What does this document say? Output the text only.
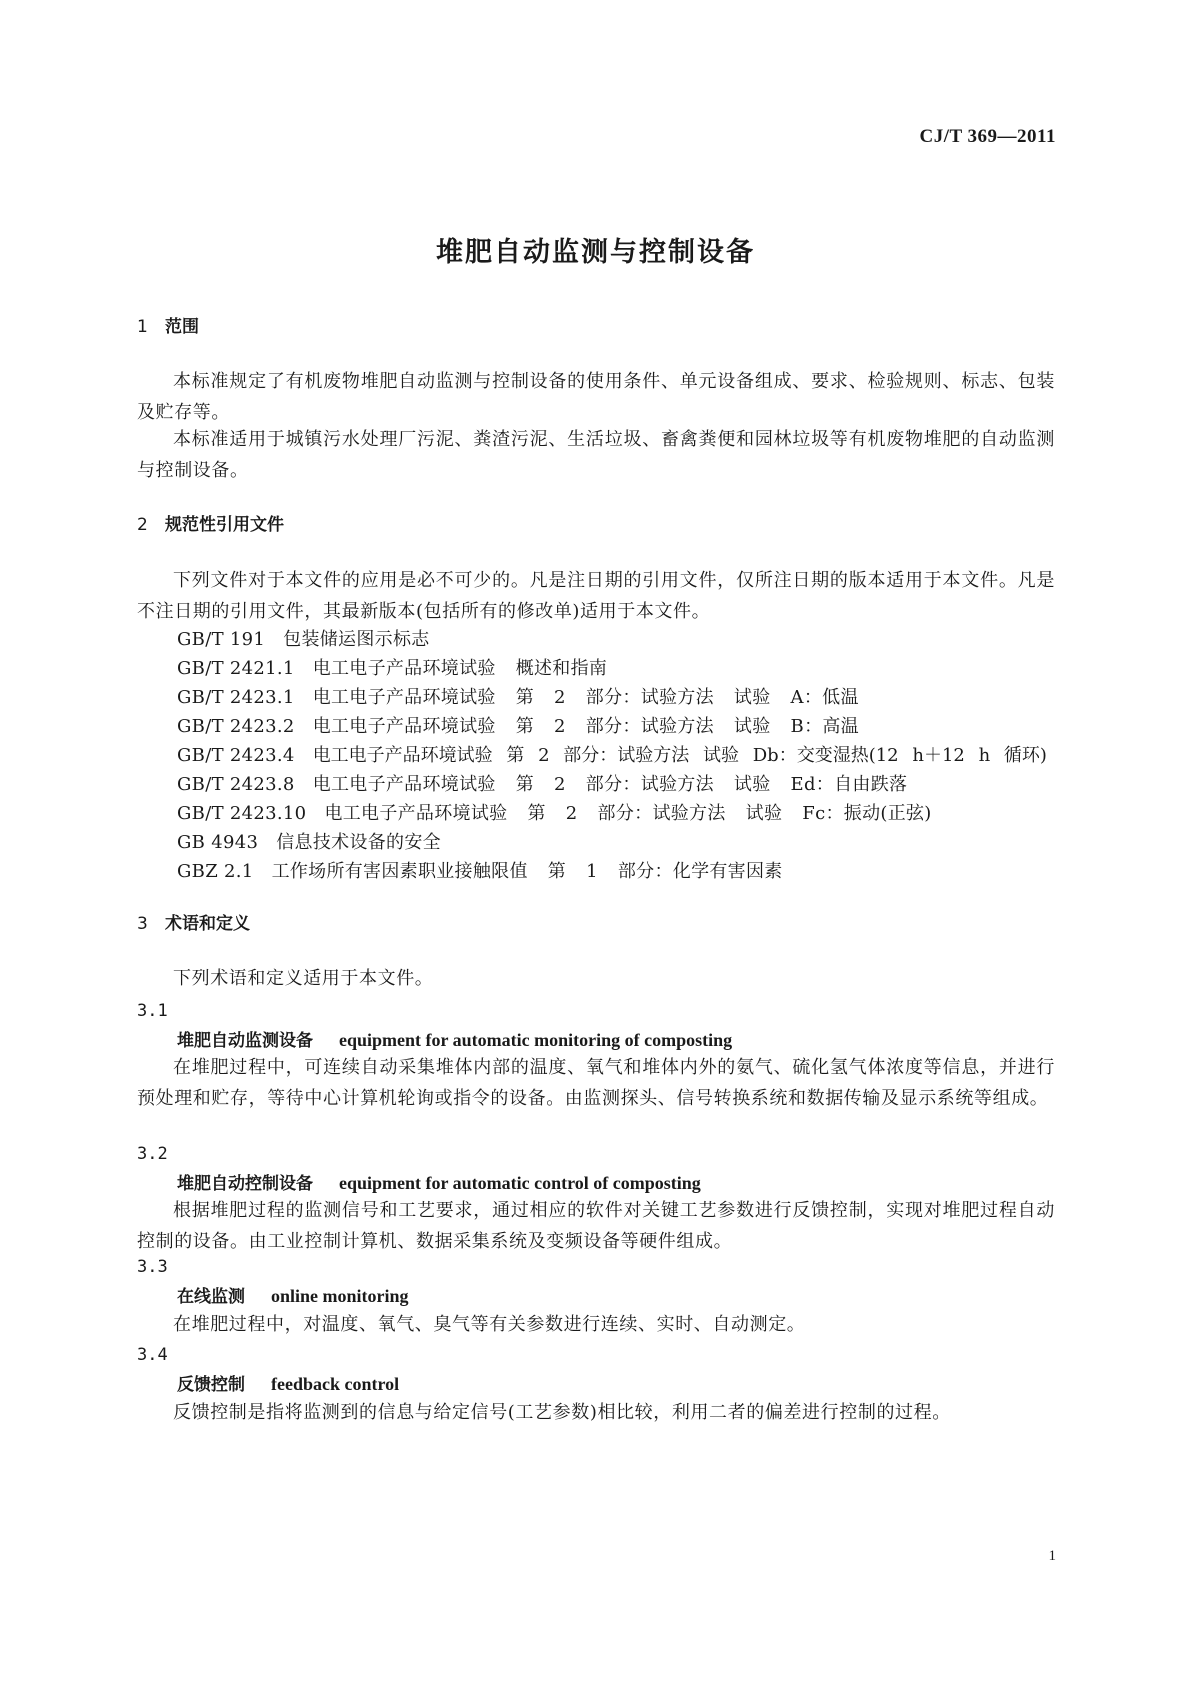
CJ/T 369—2011
堆肥自动监测与控制设备
1 范围
本标准规定了有机废物堆肥自动监测与控制设备的使用条件、单元设备组成、要求、检验规则、标志、包装及贮存等。
本标准适用于城镇污水处理厂污泥、粪渣污泥、生活垃圾、畜禽粪便和园林垃圾等有机废物堆肥的自动监测与控制设备。
2 规范性引用文件
下列文件对于本文件的应用是必不可少的。凡是注日期的引用文件，仅所注日期的版本适用于本文件。凡是不注日期的引用文件，其最新版本(包括所有的修改单)适用于本文件。
GB/T 191 包装储运图示标志
GB/T 2421.1 电工电子产品环境试验 概述和指南
GB/T 2423.1 电工电子产品环境试验 第 2 部分：试验方法 试验 A：低温
GB/T 2423.2 电工电子产品环境试验 第 2 部分：试验方法 试验 B：高温
GB/T 2423.4 电工电子产品环境试验 第 2 部分：试验方法 试验 Db：交变湿热(12 h＋12 h 循环)
GB/T 2423.8 电工电子产品环境试验 第 2 部分：试验方法 试验 Ed：自由跌落
GB/T 2423.10 电工电子产品环境试验 第 2 部分：试验方法 试验 Fc：振动(正弦)
GB 4943 信息技术设备的安全
GBZ 2.1 工作场所有害因素职业接触限值 第 1 部分：化学有害因素
3 术语和定义
下列术语和定义适用于本文件。
3.1
堆肥自动监测设备 equipment for automatic monitoring of composting
在堆肥过程中，可连续自动采集堆体内部的温度、氧气和堆体内外的氨气、硫化氢气体浓度等信息，并进行预处理和贮存，等待中心计算机轮询或指令的设备。由监测探头、信号转换系统和数据传输及显示系统等组成。
3.2
堆肥自动控制设备 equipment for automatic control of composting
根据堆肥过程的监测信号和工艺要求，通过相应的软件对关键工艺参数进行反馈控制，实现对堆肥过程自动控制的设备。由工业控制计算机、数据采集系统及变频设备等硬件组成。
3.3
在线监测 online monitoring
在堆肥过程中，对温度、氧气、臭气等有关参数进行连续、实时、自动测定。
3.4
反馈控制 feedback control
反馈控制是指将监测到的信息与给定信号(工艺参数)相比较，利用二者的偏差进行控制的过程。
1
